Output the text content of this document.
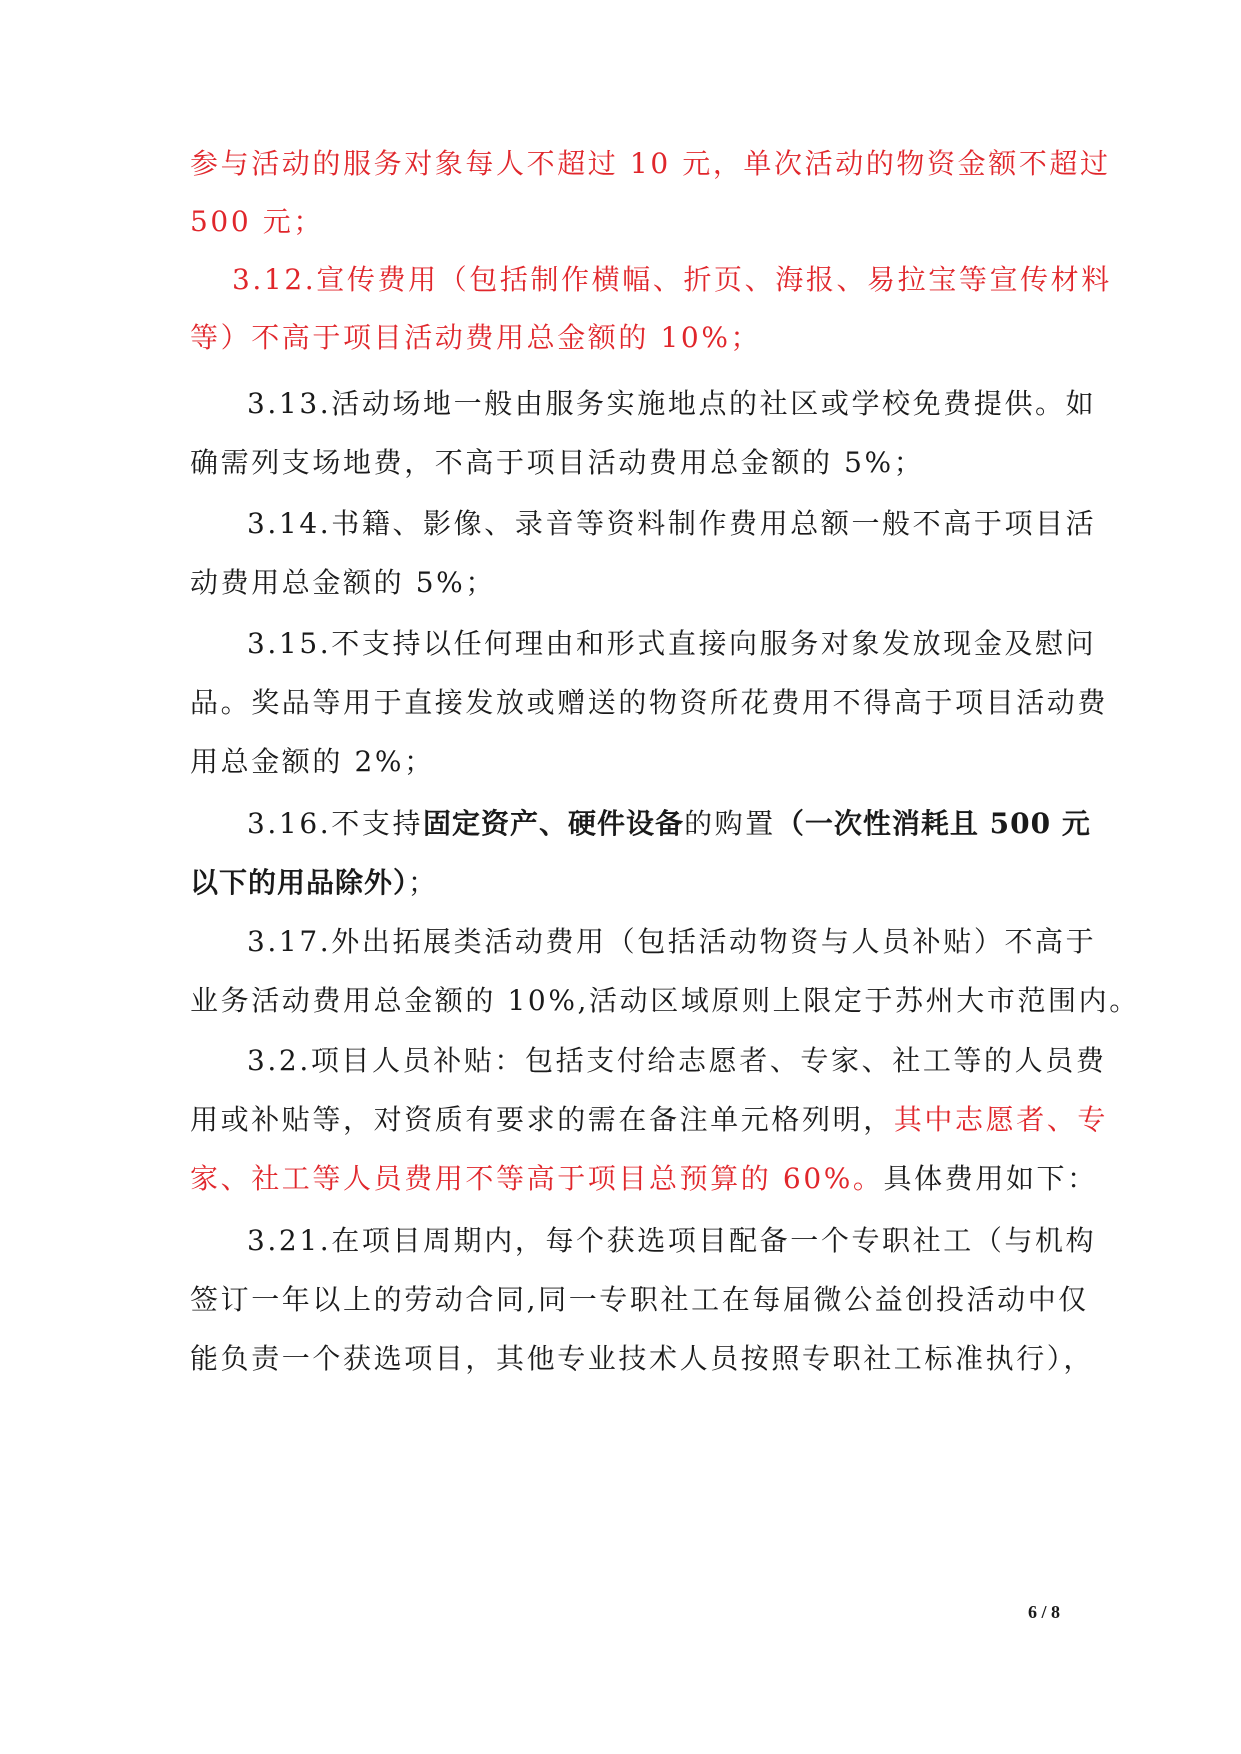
参与活动的服务对象每人不超过 10 元，单次活动的物资金额不超过
500 元；
3.12.宣传费用（包括制作横幅、折页、海报、易拉宝等宣传材料
等）不高于项目活动费用总金额的 10%；
3.13.活动场地一般由服务实施地点的社区或学校免费提供。如
确需列支场地费，不高于项目活动费用总金额的 5%；
3.14.书籍、影像、录音等资料制作费用总额一般不高于项目活
动费用总金额的 5%；
3.15.不支持以任何理由和形式直接向服务对象发放现金及慰问
品。奖品等用于直接发放或赠送的物资所花费用不得高于项目活动费
用总金额的 2%；
3.16.不支持固定资产、硬件设备的购置（一次性消耗且 500 元
以下的用品除外）；
3.17.外出拓展类活动费用（包括活动物资与人员补贴）不高于
业务活动费用总金额的 10%,活动区域原则上限定于苏州大市范围内。
3.2.项目人员补贴：包括支付给志愿者、专家、社工等的人员费
用或补贴等，对资质有要求的需在备注单元格列明，其中志愿者、专
家、社工等人员费用不等高于项目总预算的 60%。具体费用如下：
3.21.在项目周期内，每个获选项目配备一个专职社工（与机构
签订一年以上的劳动合同,同一专职社工在每届微公益创投活动中仅
能负责一个获选项目，其他专业技术人员按照专职社工标准执行），
6 / 8
